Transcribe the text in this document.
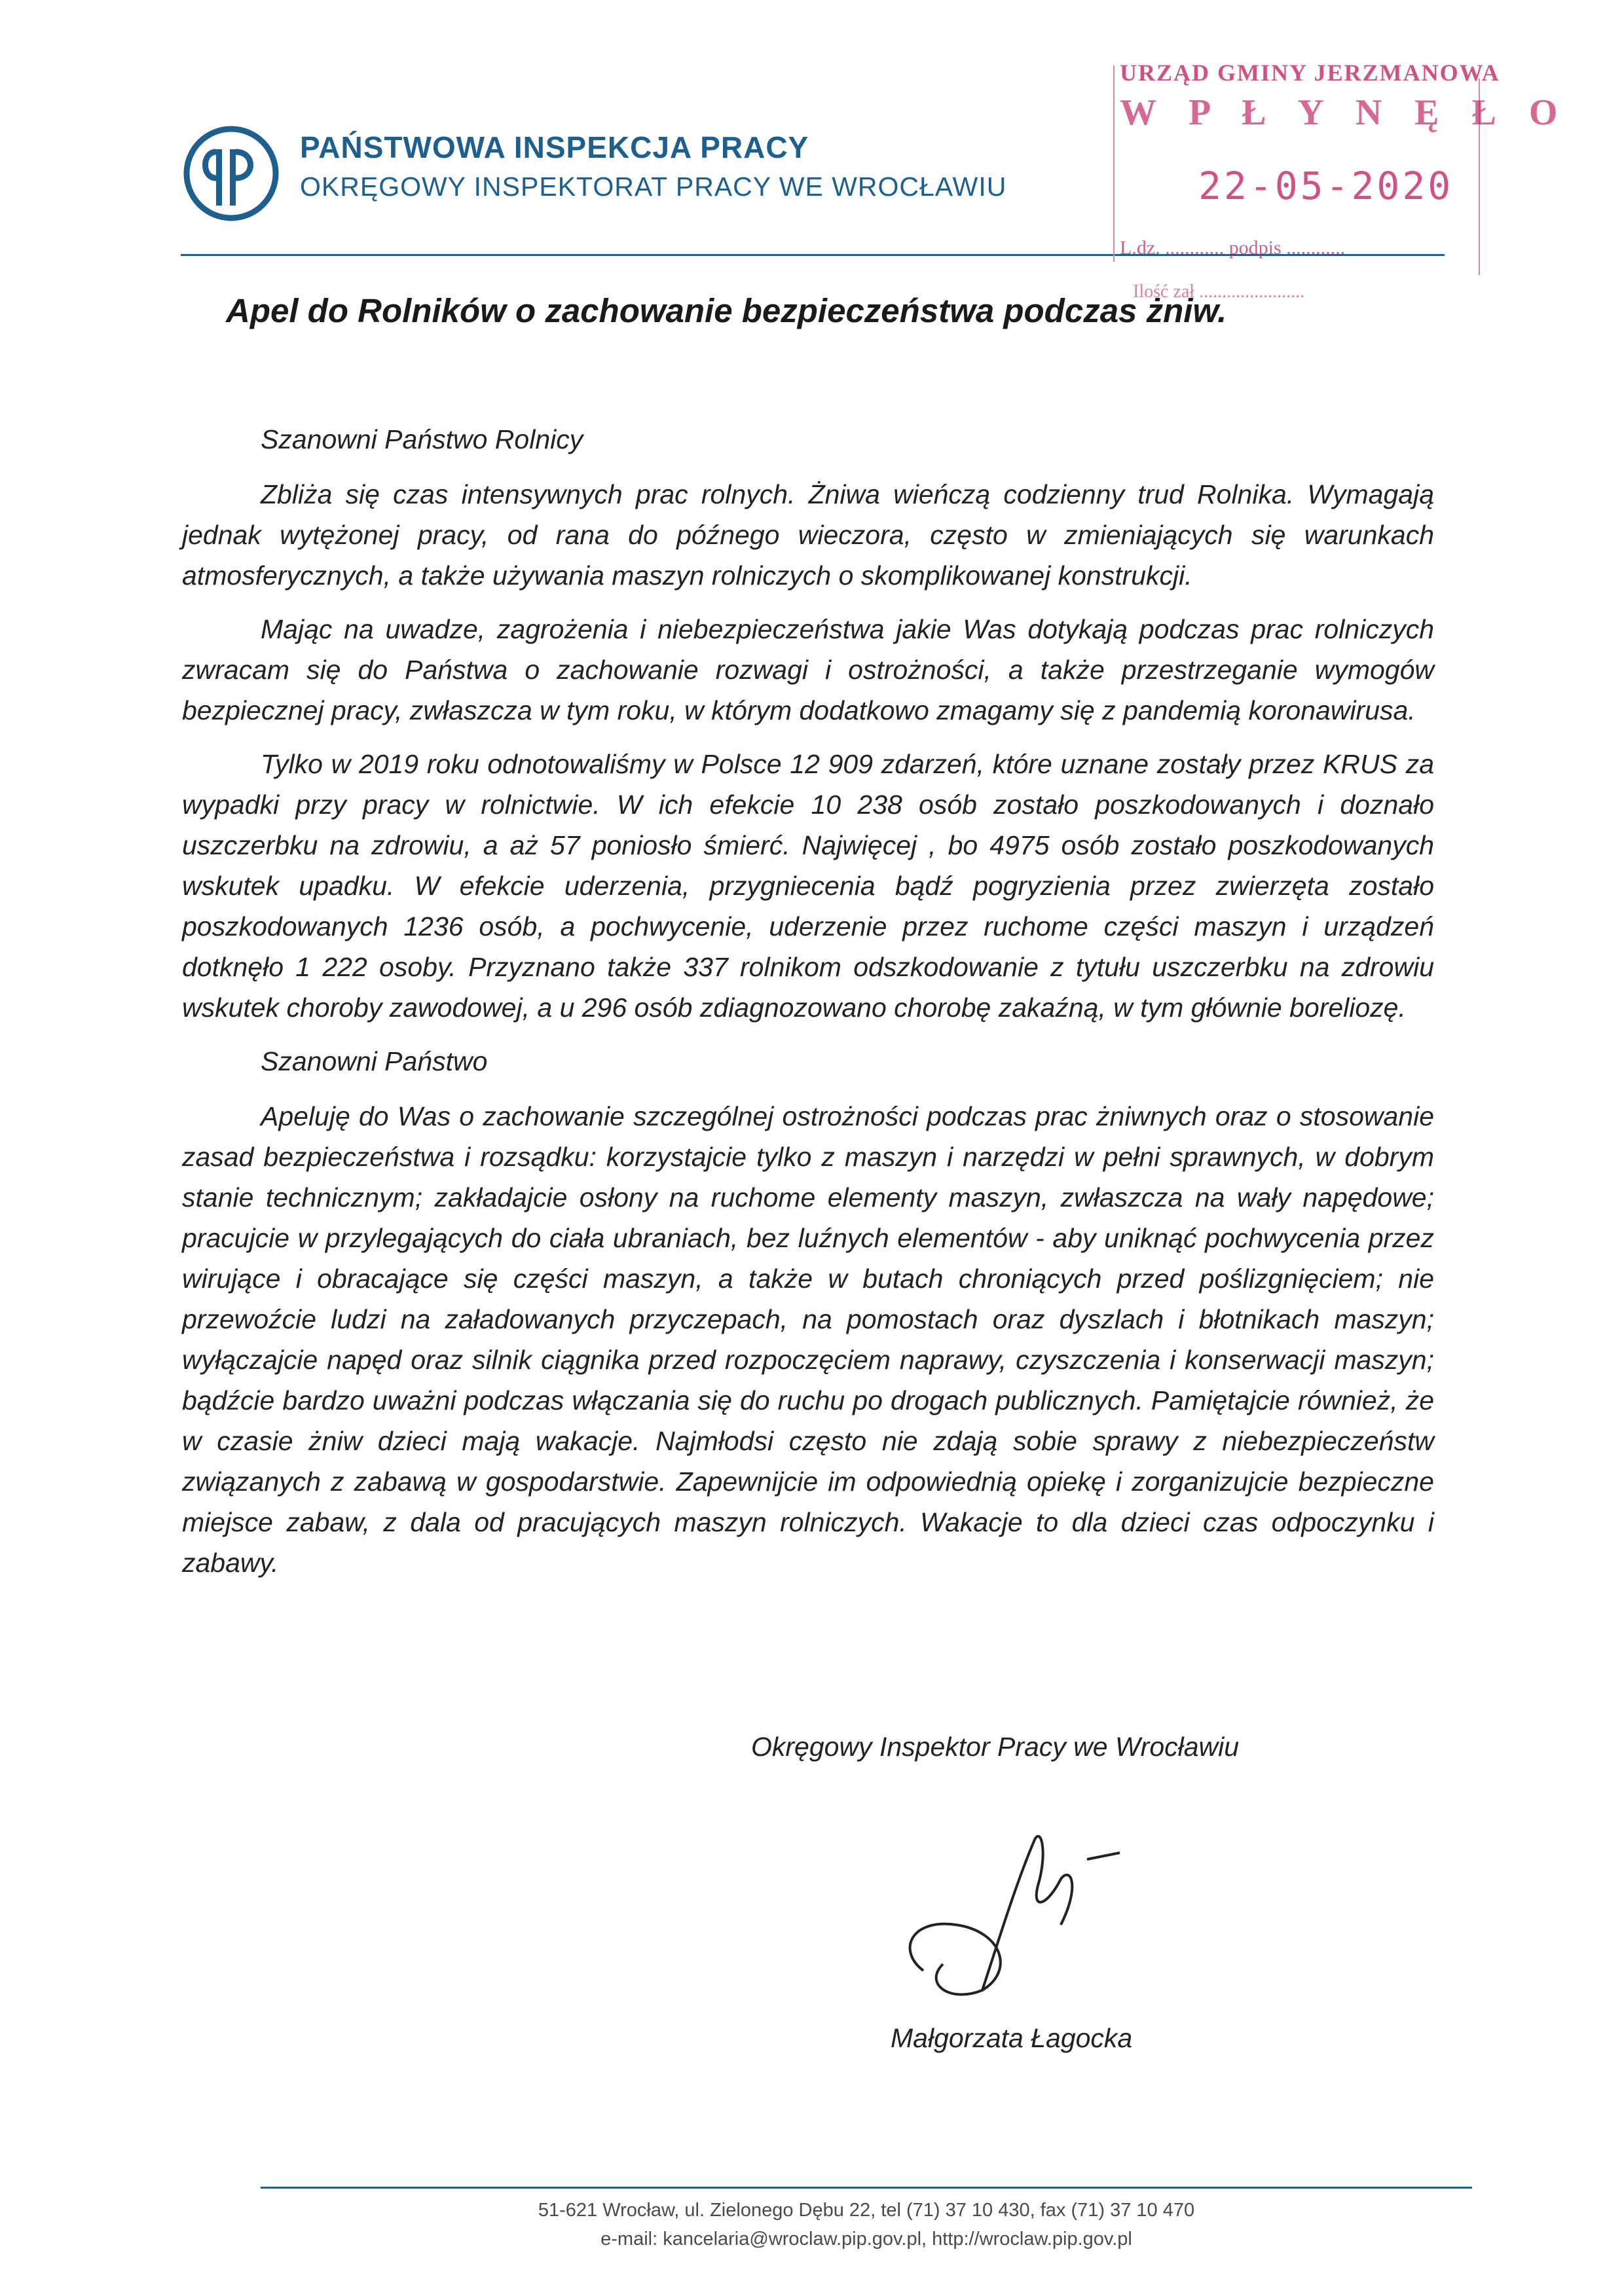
PAŃSTWOWA INSPEKCJA PRACY
OKRĘGOWY INSPEKTORAT PRACY WE WROCŁAWIU
URZĄD GMINY JERZMANOWA
W P Ł Y N Ę Ł O
22-05-2020
L.dz. ............ podpis ............
Ilość zał .......................
Apel do Rolników o zachowanie bezpieczeństwa podczas żniw.

Szanowni Państwo Rolnicy

Zbliża się czas intensywnych prac rolnych. Żniwa wieńczą codzienny trud Rolnika. Wymagają jednak wytężonej pracy, od rana do późnego wieczora, często w zmieniających się warunkach atmosferycznych, a także używania maszyn rolniczych o skomplikowanej konstrukcji.

Mając na uwadze, zagrożenia i niebezpieczeństwa jakie Was dotykają podczas prac rolniczych zwracam się do Państwa o zachowanie rozwagi i ostrożności, a także przestrzeganie wymogów bezpiecznej pracy, zwłaszcza w tym roku, w którym dodatkowo zmagamy się z pandemią koronawirusa.

Tylko w 2019 roku odnotowaliśmy w Polsce 12 909 zdarzeń, które uznane zostały przez KRUS za wypadki przy pracy w rolnictwie. W ich efekcie 10 238 osób zostało poszkodowanych i doznało uszczerbku na zdrowiu, a aż 57 poniosło śmierć. Najwięcej , bo 4975 osób zostało poszkodowanych wskutek upadku. W efekcie uderzenia, przygniecenia bądź pogryzienia przez zwierzęta zostało poszkodowanych 1236 osób, a pochwycenie, uderzenie przez ruchome części maszyn i urządzeń dotknęło 1 222 osoby. Przyznano także 337 rolnikom odszkodowanie z tytułu uszczerbku na zdrowiu wskutek choroby zawodowej, a u 296 osób zdiagnozowano chorobę zakaźną, w tym głównie boreliozę.

Szanowni Państwo

Apeluję do Was o zachowanie szczególnej ostrożności podczas prac żniwnych oraz o stosowanie zasad bezpieczeństwa i rozsądku: korzystajcie tylko z maszyn i narzędzi w pełni sprawnych, w dobrym stanie technicznym; zakładajcie osłony na ruchome elementy maszyn, zwłaszcza na wały napędowe; pracujcie w przylegających do ciała ubraniach, bez luźnych elementów - aby uniknąć pochwycenia przez wirujące i obracające się części maszyn, a także w butach chroniących przed poślizgnięciem; nie przewoźcie ludzi na załadowanych przyczepach, na pomostach oraz dyszlach i błotnikach maszyn; wyłączajcie napęd oraz silnik ciągnika przed rozpoczęciem naprawy, czyszczenia i konserwacji maszyn; bądźcie bardzo uważni podczas włączania się do ruchu po drogach publicznych. Pamiętajcie również, że w czasie żniw dzieci mają wakacje. Najmłodsi często nie zdają sobie sprawy z niebezpieczeństw związanych z zabawą w gospodarstwie. Zapewnijcie im odpowiednią opiekę i zorganizujcie bezpieczne miejsce zabaw, z dala od pracujących maszyn rolniczych. Wakacje to dla dzieci czas odpoczynku i zabawy.

Okręgowy Inspektor Pracy we Wrocławiu
Małgorzata Łagocka
51-621 Wrocław, ul. Zielonego Dębu 22, tel (71) 37 10 430, fax (71) 37 10 470
e-mail: kancelaria@wroclaw.pip.gov.pl, http://wroclaw.pip.gov.pl
